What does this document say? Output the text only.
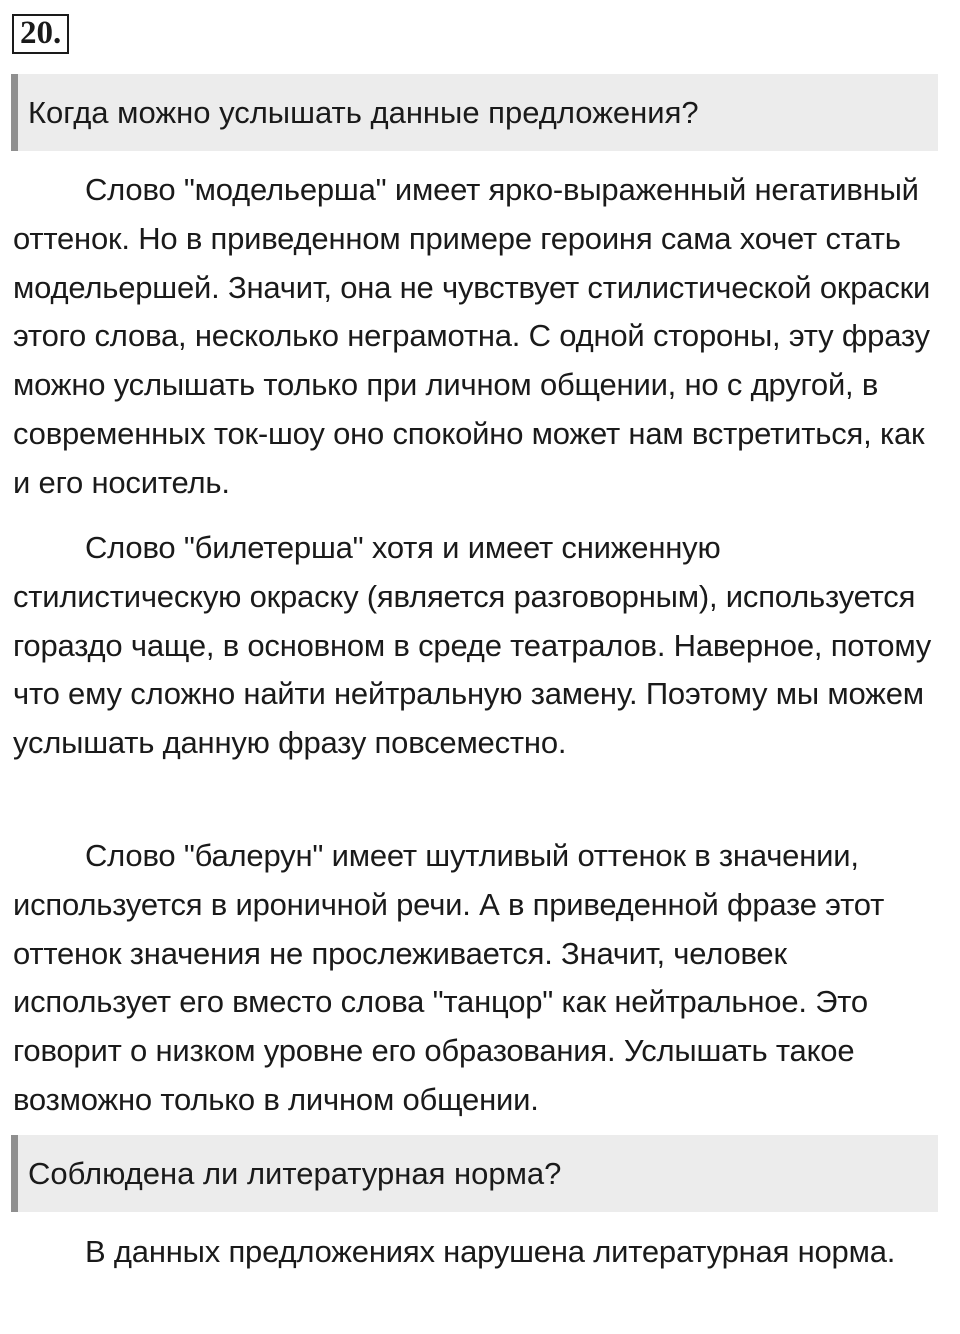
20.
Когда можно услышать данные предложения?

Слово "модельерша" имеет ярко-выраженный негативный оттенок. Но в приведенном примере героиня сама хочет стать модельершей. Значит, она не чувствует стилистической окраски этого слова, несколько неграмотна. С одной стороны, эту фразу можно услышать только при личном общении, но с другой, в современных ток-шоу оно спокойно может нам встретиться, как и его носитель.

Слово "билетерша" хотя и имеет сниженную стилистическую окраску (является разговорным), используется гораздо чаще, в основном в среде театралов. Наверное, потому что ему сложно найти нейтральную замену. Поэтому мы можем услышать данную фразу повсеместно.

Слово "балерун" имеет шутливый оттенок в значении, используется в ироничной речи. А в приведенной фразе этот оттенок значения не прослеживается. Значит, человек использует его вместо слова "танцор" как нейтральное. Это говорит о низком уровне его образования. Услышать такое возможно только в личном общении.

Соблюдена ли литературная норма?

В данных предложениях нарушена литературная норма.
